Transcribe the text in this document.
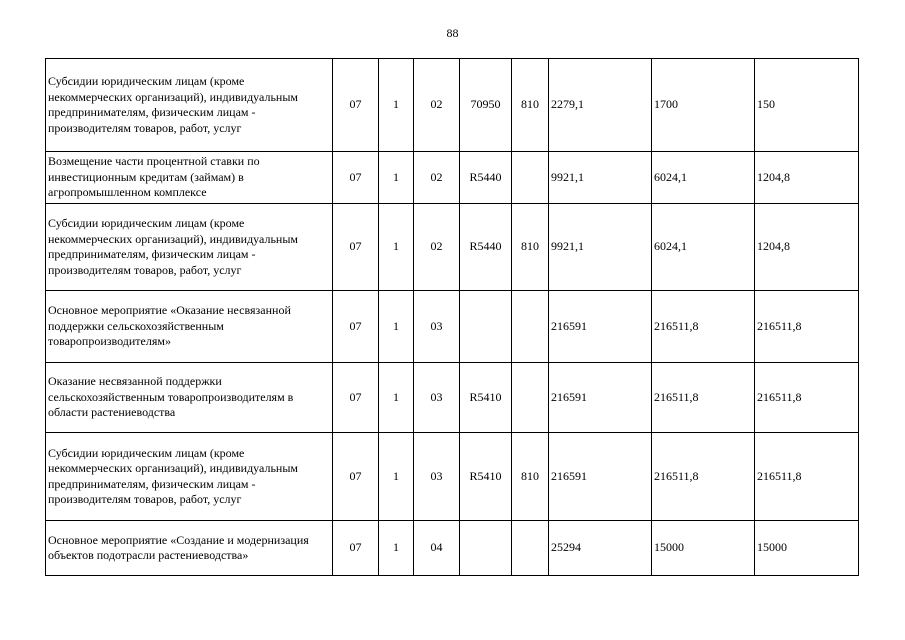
88
Субсидии юридическим лицам (кроме некоммерческих организаций), индивидуальным предпринимателям, физическим лицам - производителям товаров, работ, услуг	07	1	02	70950	810	2279,1	1700	150
Возмещение части процентной ставки по инвестиционным кредитам (займам) в агропромышленном комплексе	07	1	02	R5440		9921,1	6024,1	1204,8
Субсидии юридическим лицам (кроме некоммерческих организаций), индивидуальным предпринимателям, физическим лицам - производителям товаров, работ, услуг	07	1	02	R5440	810	9921,1	6024,1	1204,8
Основное мероприятие «Оказание несвязанной поддержки сельскохозяйственным товаропроизводителям»	07	1	03			216591	216511,8	216511,8
Оказание несвязанной поддержки сельскохозяйственным товаропроизводителям в области растениеводства	07	1	03	R5410		216591	216511,8	216511,8
Субсидии юридическим лицам (кроме некоммерческих организаций), индивидуальным предпринимателям, физическим лицам - производителям товаров, работ, услуг	07	1	03	R5410	810	216591	216511,8	216511,8
Основное мероприятие «Создание и модернизация объектов подотрасли растениеводства»	07	1	04			25294	15000	15000
